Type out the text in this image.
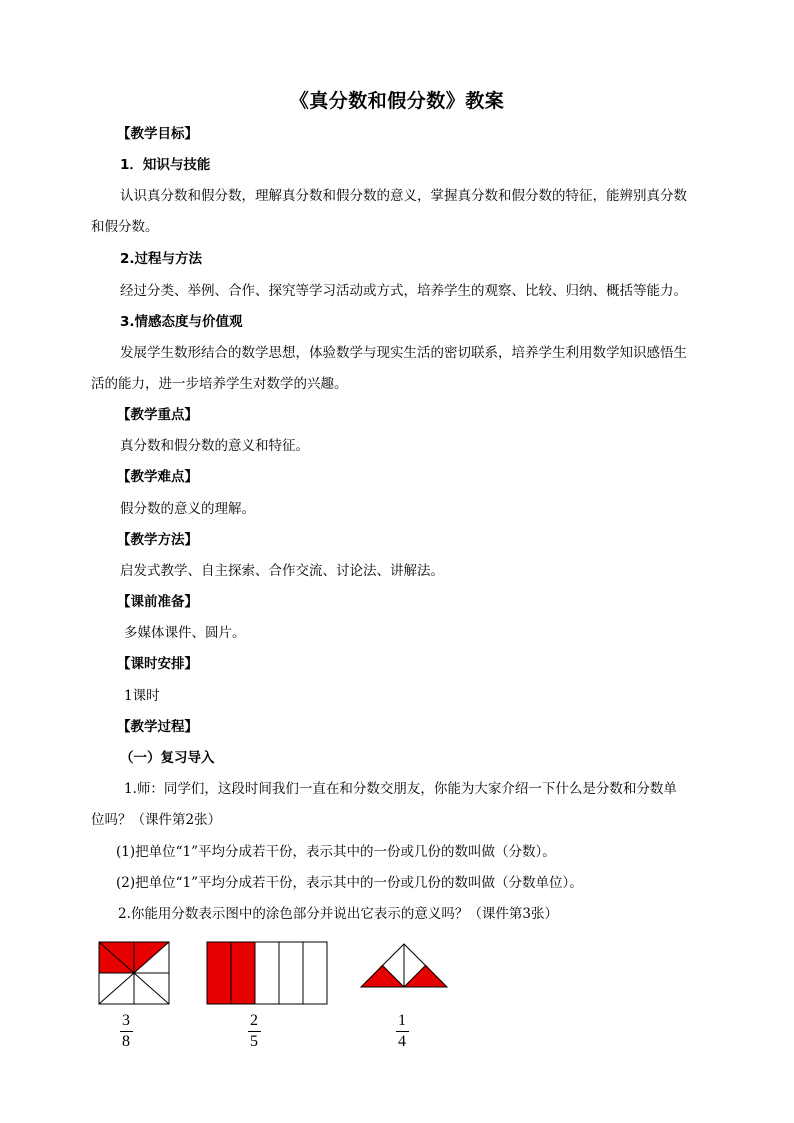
《真分数和假分数》教案
【教学目标】
1．知识与技能
认识真分数和假分数，理解真分数和假分数的意义，掌握真分数和假分数的特征，能辨别真分数
和假分数。
2.过程与方法
经过分类、举例、合作、探究等学习活动或方式，培养学生的观察、比较、归纳、概括等能力。
3.情感态度与价值观
发展学生数形结合的数学思想，体验数学与现实生活的密切联系，培养学生利用数学知识感悟生
活的能力，进一步培养学生对数学的兴趣。
【教学重点】
真分数和假分数的意义和特征。
【教学难点】
假分数的意义的理解。
【教学方法】
启发式教学、自主探索、合作交流、讨论法、讲解法。
【课前准备】
多媒体课件、圆片。
【课时安排】
1课时
【教学过程】
（一）复习导入
1.师：同学们，这段时间我们一直在和分数交朋友，你能为大家介绍一下什么是分数和分数单
位吗？（课件第2张）
(1)把单位“1”平均分成若干份，表示其中的一份或几份的数叫做（分数）。
(2)把单位“1”平均分成若干份，表示其中的一份或几份的数叫做（分数单位）。
2.你能用分数表示图中的涂色部分并说出它表示的意义吗？（课件第3张）
3
8
2
5
1
4
